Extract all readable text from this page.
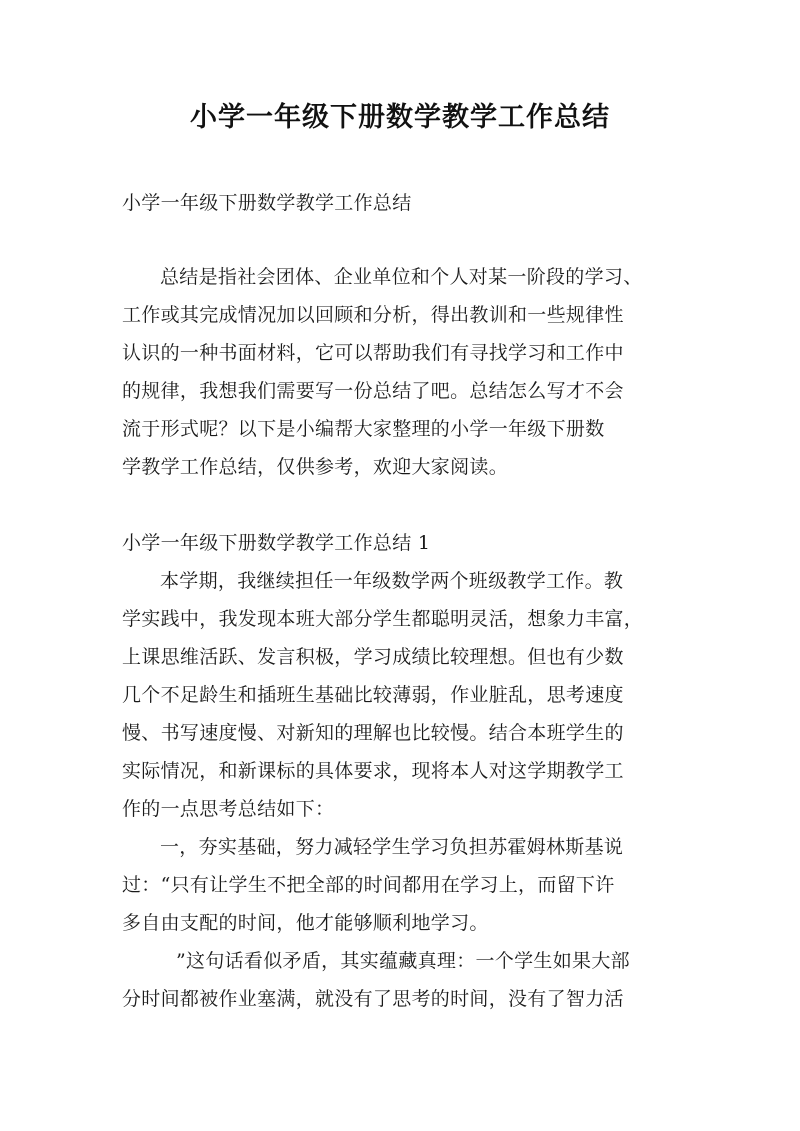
小学一年级下册数学教学工作总结
小学一年级下册数学教学工作总结
总结是指社会团体、企业单位和个人对某一阶段的学习、
工作或其完成情况加以回顾和分析，得出教训和一些规律性
认识的一种书面材料，它可以帮助我们有寻找学习和工作中
的规律，我想我们需要写一份总结了吧。总结怎么写才不会
流于形式呢？以下是小编帮大家整理的小学一年级下册数
学教学工作总结，仅供参考，欢迎大家阅读。
小学一年级下册数学教学工作总结 1
本学期，我继续担任一年级数学两个班级教学工作。教
学实践中，我发现本班大部分学生都聪明灵活，想象力丰富，
上课思维活跃、发言积极，学习成绩比较理想。但也有少数
几个不足龄生和插班生基础比较薄弱，作业脏乱，思考速度
慢、书写速度慢、对新知的理解也比较慢。结合本班学生的
实际情况，和新课标的具体要求，现将本人对这学期教学工
作的一点思考总结如下：
一，夯实基础，努力减轻学生学习负担苏霍姆林斯基说
过：“只有让学生不把全部的时间都用在学习上，而留下许
多自由支配的时间，他才能够顺利地学习。
”这句话看似矛盾，其实蕴藏真理：一个学生如果大部
分时间都被作业塞满，就没有了思考的时间，没有了智力活
